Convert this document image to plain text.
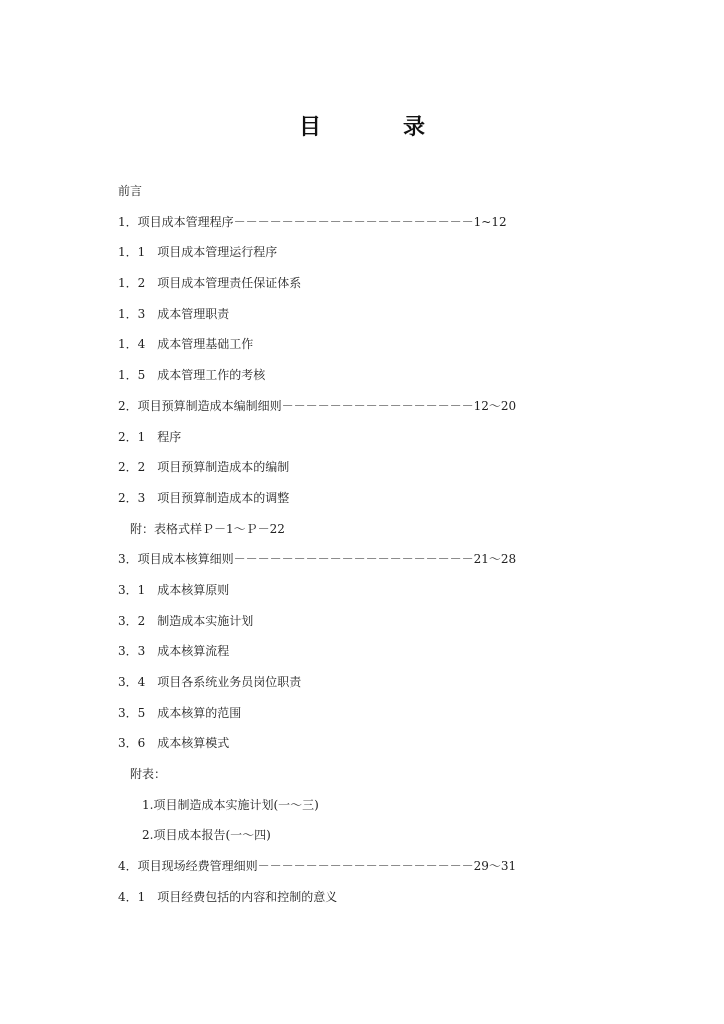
目　录
前言
1．项目成本管理程序－－－－－－－－－－－－－－－－－－－－1~12
1．1　项目成本管理运行程序
1．2　项目成本管理责任保证体系
1．3　成本管理职责
1．4　成本管理基础工作
1．5　成本管理工作的考核
2．项目预算制造成本编制细则－－－－－－－－－－－－－－－－12～20
2．1　程序
2．2　项目预算制造成本的编制
2．3　项目预算制造成本的调整
附：表格式样Ｐ－1～Ｐ－22
3．项目成本核算细则－－－－－－－－－－－－－－－－－－－－21～28
3．1　成本核算原则
3．2　制造成本实施计划
3．3　成本核算流程
3．4　项目各系统业务员岗位职责
3．5　成本核算的范围
3．6　成本核算模式
附表：
1.项目制造成本实施计划(一～三)
2.项目成本报告(一～四)
4．项目现场经费管理细则－－－－－－－－－－－－－－－－－－29～31
4．1　项目经费包括的内容和控制的意义
